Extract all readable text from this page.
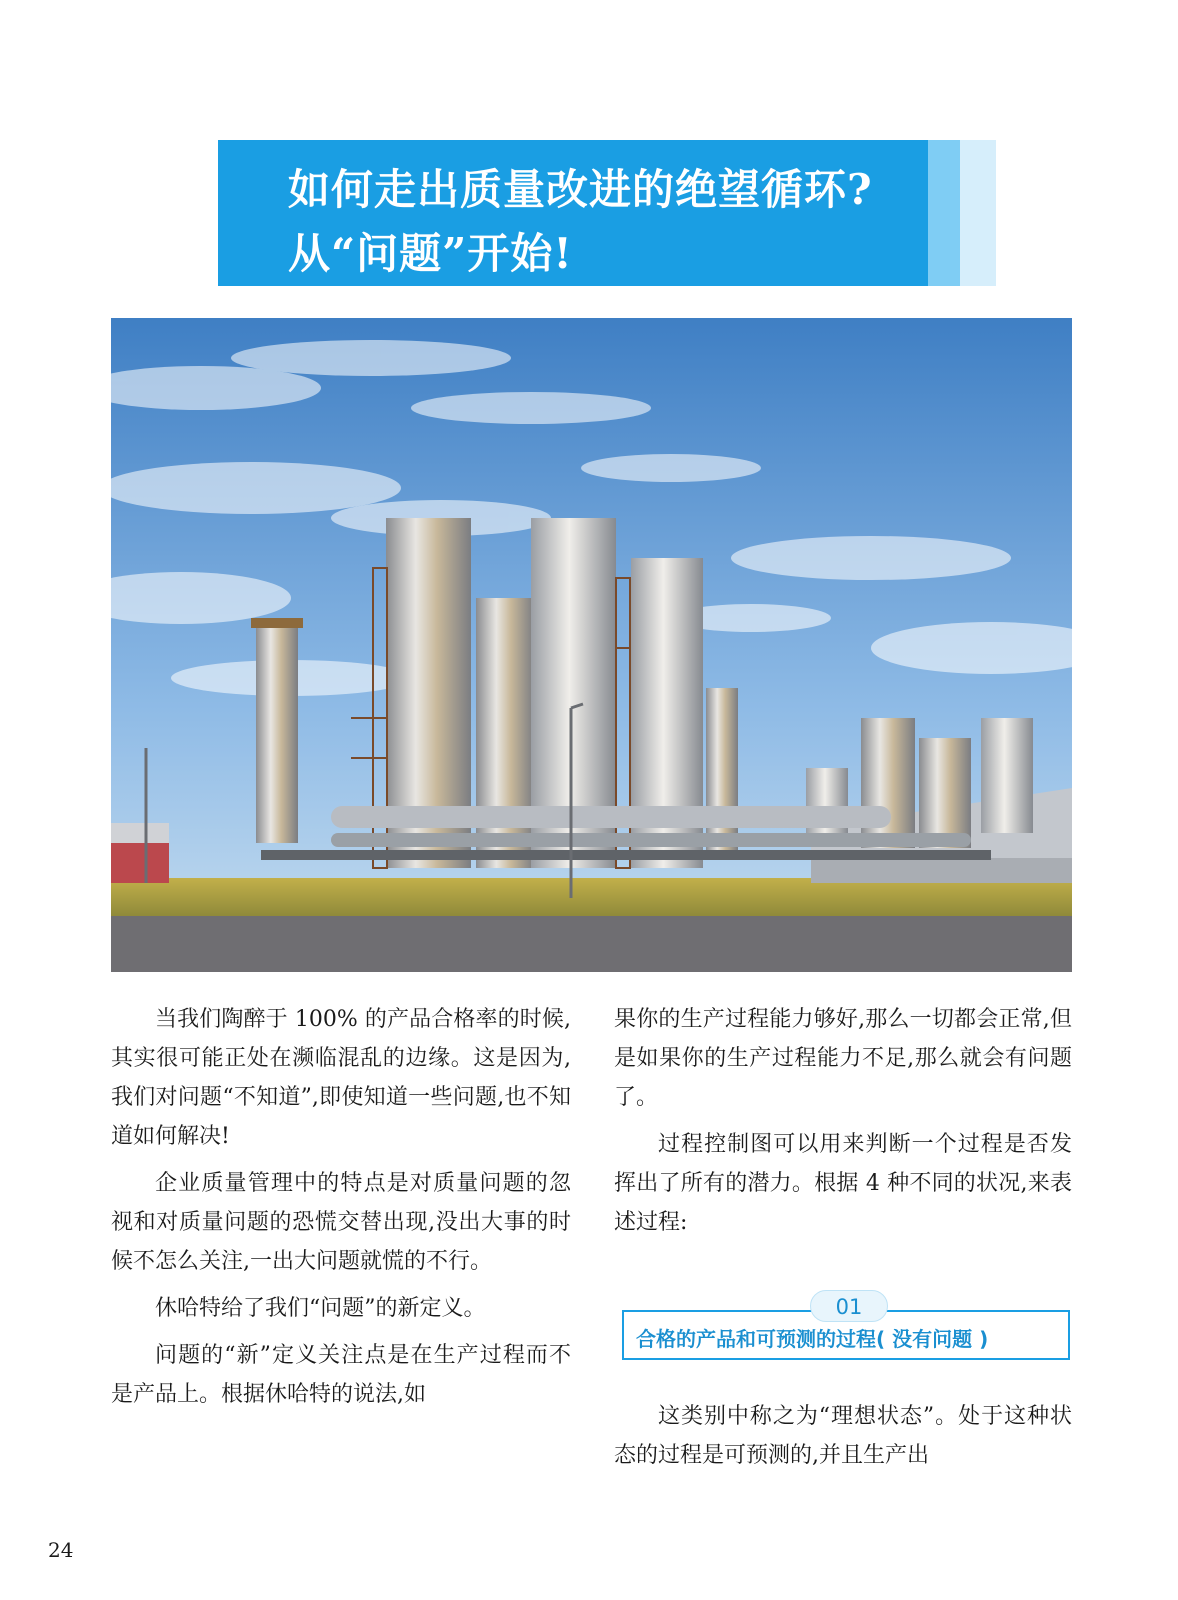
如何走出质量改进的绝望循环?
从“问题”开始!

当我们陶醉于 100% 的产品合格率的时候,其实很可能正处在濒临混乱的边缘。这是因为,我们对问题“不知道”,即使知道一些问题,也不知道如何解决!

企业质量管理中的特点是对质量问题的忽视和对质量问题的恐慌交替出现,没出大事的时候不怎么关注,一出大问题就慌的不行。

休哈特给了我们“问题”的新定义。

问题的“新”定义关注点是在生产过程而不是产品上。根据休哈特的说法,如

果你的生产过程能力够好,那么一切都会正常,但是如果你的生产过程能力不足,那么就会有问题了。

过程控制图可以用来判断一个过程是否发挥出了所有的潜力。根据 4 种不同的状况,来表述过程:

01
合格的产品和可预测的过程( 没有问题 )

这类别中称之为“理想状态”。处于这种状态的过程是可预测的,并且生产出

24
